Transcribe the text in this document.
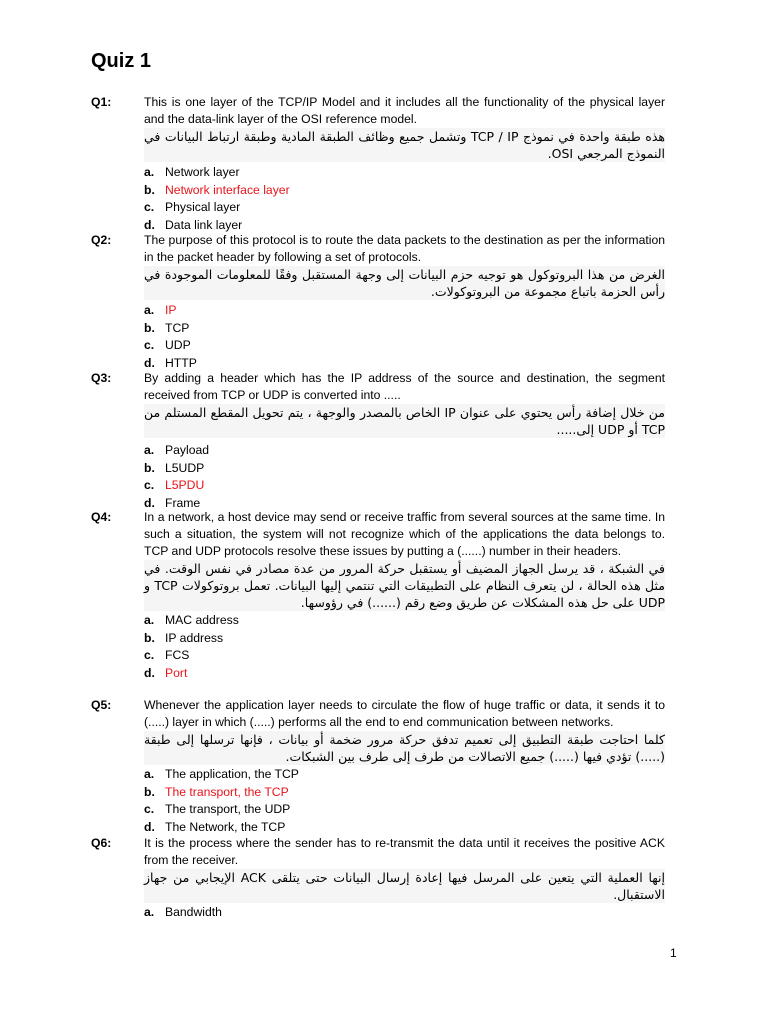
Quiz 1
Q1:	This is one layer of the TCP/IP Model and it includes all the functionality of the physical layer and the data-link layer of the OSI reference model.
هذه طبقة واحدة في نموذج TCP / IP وتشمل جميع وظائف الطبقة المادية وطبقة ارتباط البيانات في النموذج المرجعي OSI.
a. Network layer
b. Network interface layer
c. Physical layer
d. Data link layer
Q2:	The purpose of this protocol is to route the data packets to the destination as per the information in the packet header by following a set of protocols.
الغرض من هذا البروتوكول هو توجيه حزم البيانات إلى وجهة المستقبل وفقًا للمعلومات الموجودة في رأس الحزمة باتباع مجموعة من البروتوكولات.
a. IP
b. TCP
c. UDP
d. HTTP
Q3:	By adding a header which has the IP address of the source and destination, the segment received from TCP or UDP is converted into .....
من خلال إضافة رأس يحتوي على عنوان IP الخاص بالمصدر والوجهة ، يتم تحويل المقطع المستلم من TCP أو UDP إلى.....
a. Payload
b. L5UDP
c. L5PDU
d. Frame
Q4:	In a network, a host device may send or receive traffic from several sources at the same time. In such a situation, the system will not recognize which of the applications the data belongs to. TCP and UDP protocols resolve these issues by putting a (......) number in their headers.
في الشبكة ، قد يرسل الجهاز المضيف أو يستقبل حركة المرور من عدة مصادر في نفس الوقت. في مثل هذه الحالة ، لن يتعرف النظام على التطبيقات التي تنتمي إليها البيانات. تعمل بروتوكولات TCP و UDP على حل هذه المشكلات عن طريق وضع رقم (......) في رؤوسها.
a. MAC address
b. IP address
c. FCS
d. Port
Q5:	Whenever the application layer needs to circulate the flow of huge traffic or data, it sends it to (.....) layer in which (.....) performs all the end to end communication between networks.
كلما احتاجت طبقة التطبيق إلى تعميم تدفق حركة مرور ضخمة أو بيانات ، فإنها ترسلها إلى طبقة (.....) تؤدي فيها (.....) جميع الاتصالات من طرف إلى طرف بين الشبكات.
a. The application, the TCP
b. The transport, the TCP
c. The transport, the UDP
d. The Network, the TCP
Q6:	It is the process where the sender has to re-transmit the data until it receives the positive ACK from the receiver.
إنها العملية التي يتعين على المرسل فيها إعادة إرسال البيانات حتى يتلقى ACK الإيجابي من جهاز الاستقبال.
a. Bandwidth
1
